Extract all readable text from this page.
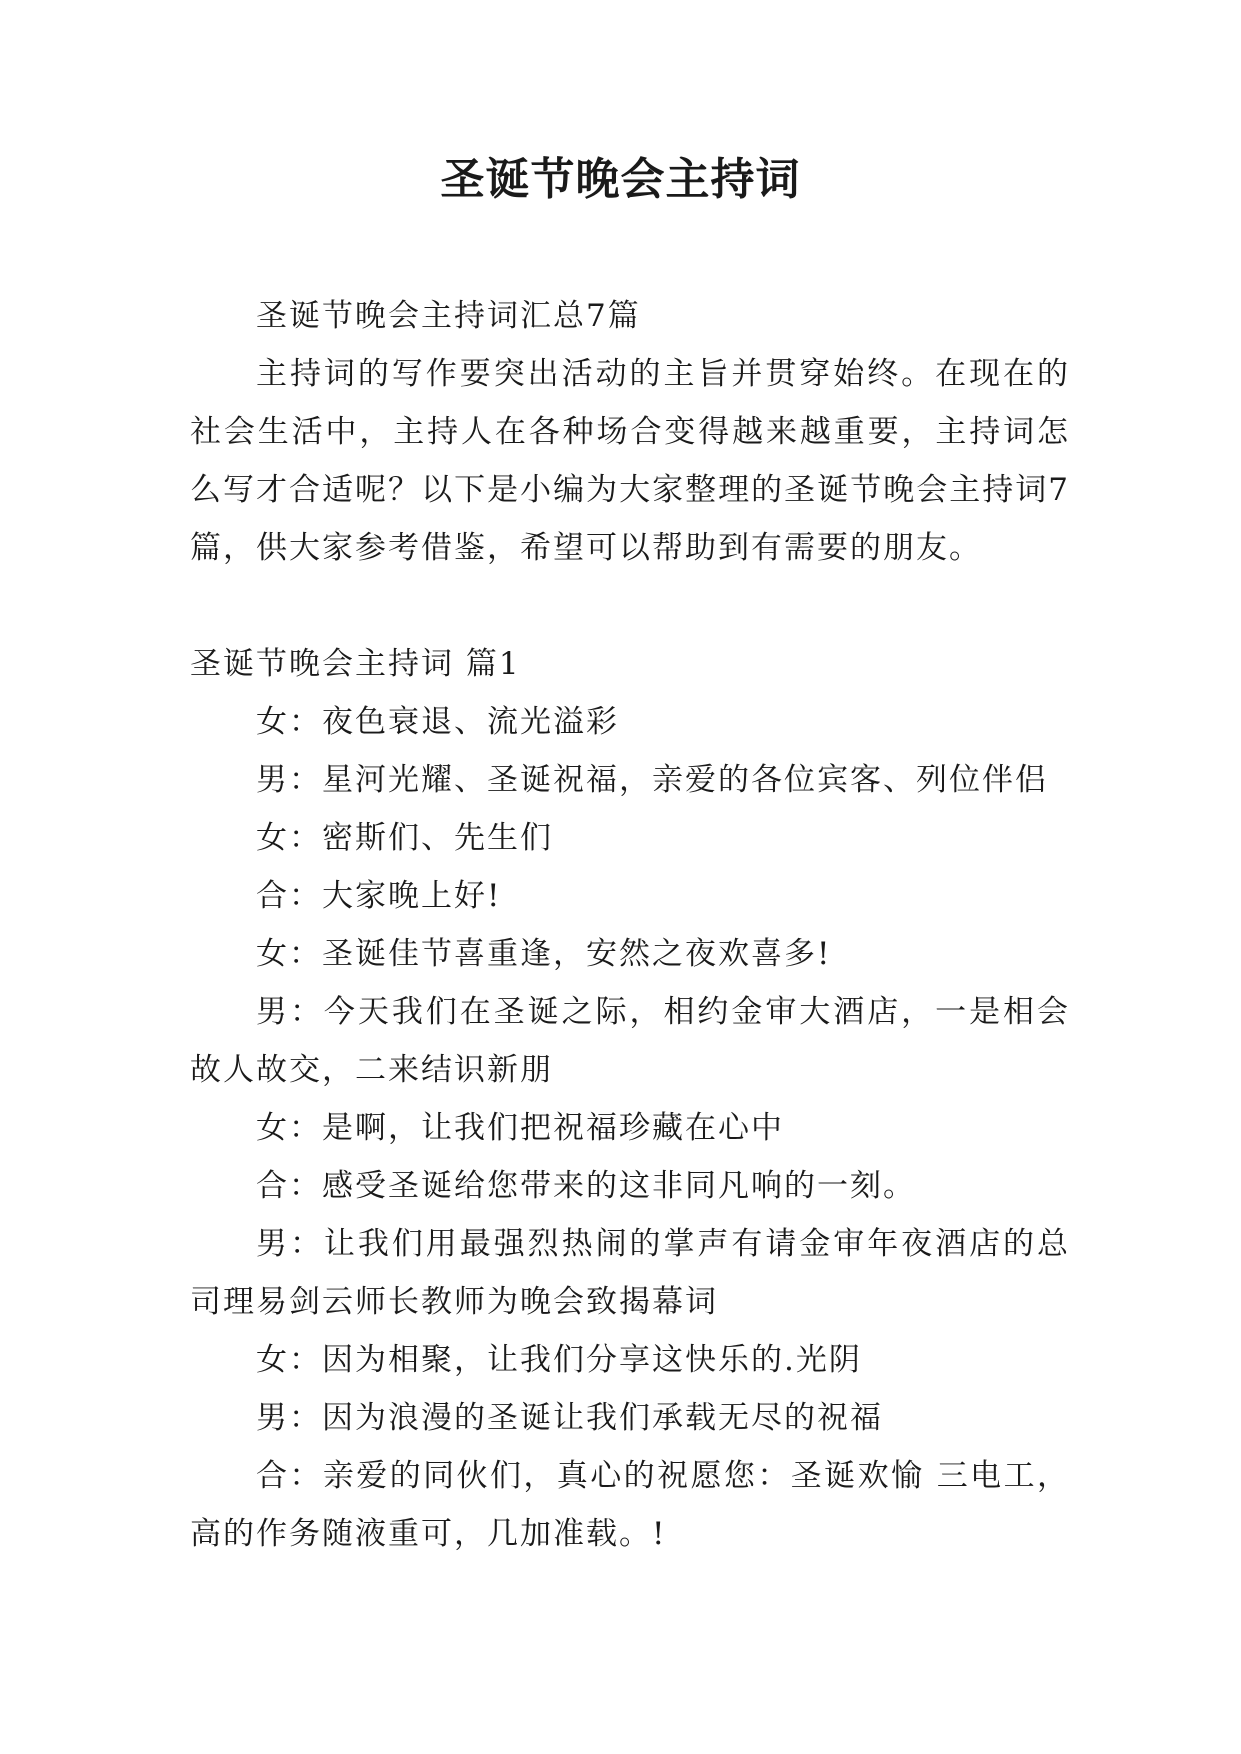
圣诞节晚会主持词

圣诞节晚会主持词汇总7篇

主持词的写作要突出活动的主旨并贯穿始终。在现在的社会生活中，主持人在各种场合变得越来越重要，主持词怎么写才合适呢？以下是小编为大家整理的圣诞节晚会主持词7篇，供大家参考借鉴，希望可以帮助到有需要的朋友。

圣诞节晚会主持词 篇1

女：夜色衰退、流光溢彩

男：星河光耀、圣诞祝福，亲爱的各位宾客、列位伴侣

女：密斯们、先生们

合：大家晚上好!

女：圣诞佳节喜重逢，安然之夜欢喜多!

男：今天我们在圣诞之际，相约金审大酒店，一是相会故人故交，二来结识新朋

女：是啊，让我们把祝福珍藏在心中

合：感受圣诞给您带来的这非同凡响的一刻。

男：让我们用最强烈热闹的掌声有请金审年夜酒店的总司理易剑云师长教师为晚会致揭幕词

女：因为相聚，让我们分享这快乐的.光阴

男：因为浪漫的圣诞让我们承载无尽的祝福

合：亲爱的同伙们，真心的祝愿您：圣诞欢愉 三电工，高的作务随液重可，几加准载。!
